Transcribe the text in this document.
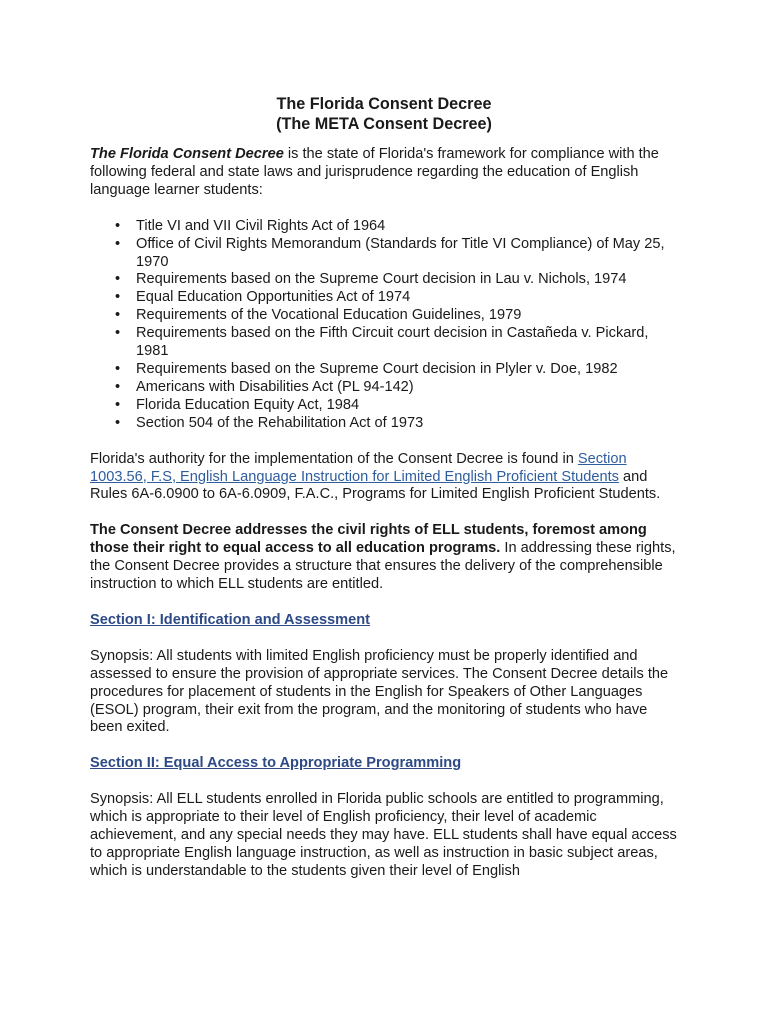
The Florida Consent Decree
(The META Consent Decree)

The Florida Consent Decree is the state of Florida's framework for compliance with the following federal and state laws and jurisprudence regarding the education of English language learner students:

• Title VI and VII Civil Rights Act of 1964
• Office of Civil Rights Memorandum (Standards for Title VI Compliance) of May 25, 1970
• Requirements based on the Supreme Court decision in Lau v. Nichols, 1974
• Equal Education Opportunities Act of 1974
• Requirements of the Vocational Education Guidelines, 1979
• Requirements based on the Fifth Circuit court decision in Castañeda v. Pickard, 1981
• Requirements based on the Supreme Court decision in Plyler v. Doe, 1982
• Americans with Disabilities Act (PL 94-142)
• Florida Education Equity Act, 1984
• Section 504 of the Rehabilitation Act of 1973

Florida's authority for the implementation of the Consent Decree is found in Section 1003.56, F.S, English Language Instruction for Limited English Proficient Students and Rules 6A-6.0900 to 6A-6.0909, F.A.C., Programs for Limited English Proficient Students.

The Consent Decree addresses the civil rights of ELL students, foremost among those their right to equal access to all education programs. In addressing these rights, the Consent Decree provides a structure that ensures the delivery of the comprehensible instruction to which ELL students are entitled.

Section I: Identification and Assessment

Synopsis: All students with limited English proficiency must be properly identified and assessed to ensure the provision of appropriate services. The Consent Decree details the procedures for placement of students in the English for Speakers of Other Languages (ESOL) program, their exit from the program, and the monitoring of students who have been exited.

Section II: Equal Access to Appropriate Programming

Synopsis: All ELL students enrolled in Florida public schools are entitled to programming, which is appropriate to their level of English proficiency, their level of academic achievement, and any special needs they may have. ELL students shall have equal access to appropriate English language instruction, as well as instruction in basic subject areas, which is understandable to the students given their level of English
